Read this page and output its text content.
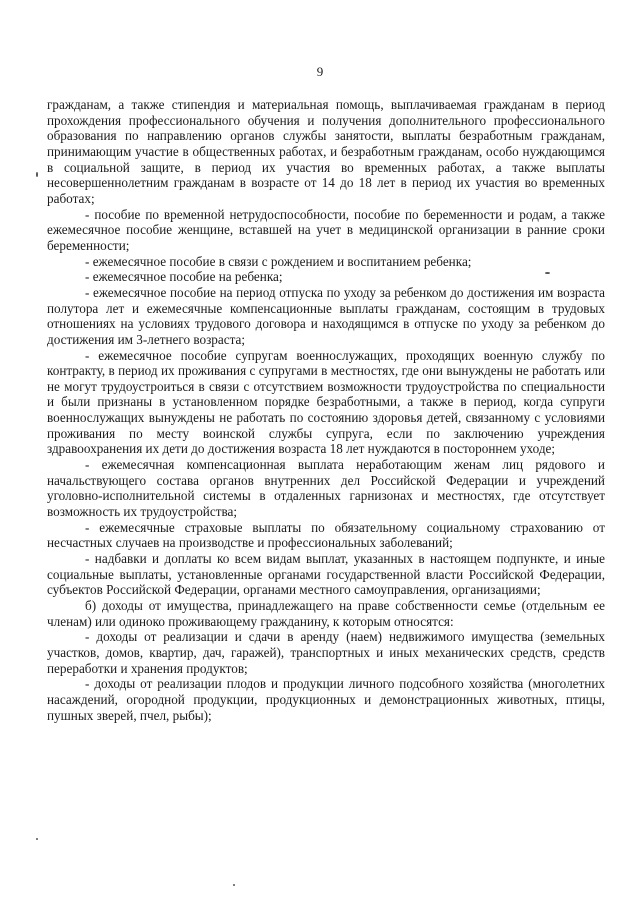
9

гражданам, а также стипендия и материальная помощь, выплачиваемая гражданам в период прохождения профессионального обучения и получения дополнительного профессионального образования по направлению органов службы занятости, выплаты безработным гражданам, принимающим участие в общественных работах, и безработным гражданам, особо нуждающимся в социальной защите, в период их участия во временных работах, а также выплаты несовершеннолетним гражданам в возрасте от 14 до 18 лет в период их участия во временных работах;

- пособие по временной нетрудоспособности, пособие по беременности и родам, а также ежемесячное пособие женщине, вставшей на учет в медицинской организации в ранние сроки беременности;

- ежемесячное пособие в связи с рождением и воспитанием ребенка;

- ежемесячное пособие на ребенка;

- ежемесячное пособие на период отпуска по уходу за ребенком до достижения им возраста полутора лет и ежемесячные компенсационные выплаты гражданам, состоящим в трудовых отношениях на условиях трудового договора и находящимся в отпуске по уходу за ребенком до достижения им 3-летнего возраста;

- ежемесячное пособие супругам военнослужащих, проходящих военную службу по контракту, в период их проживания с супругами в местностях, где они вынуждены не работать или не могут трудоустроиться в связи с отсутствием возможности трудоустройства по специальности и были признаны в установленном порядке безработными, а также в период, когда супруги военнослужащих вынуждены не работать по состоянию здоровья детей, связанному с условиями проживания по месту воинской службы супруга, если по заключению учреждения здравоохранения их дети до достижения возраста 18 лет нуждаются в постороннем уходе;

- ежемесячная компенсационная выплата неработающим женам лиц рядового и начальствующего состава органов внутренних дел Российской Федерации и учреждений уголовно-исполнительной системы в отдаленных гарнизонах и местностях, где отсутствует возможность их трудоустройства;

- ежемесячные страховые выплаты по обязательному социальному страхованию от несчастных случаев на производстве и профессиональных заболеваний;

- надбавки и доплаты ко всем видам выплат, указанных в настоящем подпункте, и иные социальные выплаты, установленные органами государственной власти Российской Федерации, субъектов Российской Федерации, органами местного самоуправления, организациями;

б) доходы от имущества, принадлежащего на праве собственности семье (отдельным ее членам) или одиноко проживающему гражданину, к которым относятся:

- доходы от реализации и сдачи в аренду (наем) недвижимого имущества (земельных участков, домов, квартир, дач, гаражей), транспортных и иных механических средств, средств переработки и хранения продуктов;

- доходы от реализации плодов и продукции личного подсобного хозяйства (многолетних насаждений, огородной продукции, продукционных и демонстрационных животных, птицы, пушных зверей, пчел, рыбы);
